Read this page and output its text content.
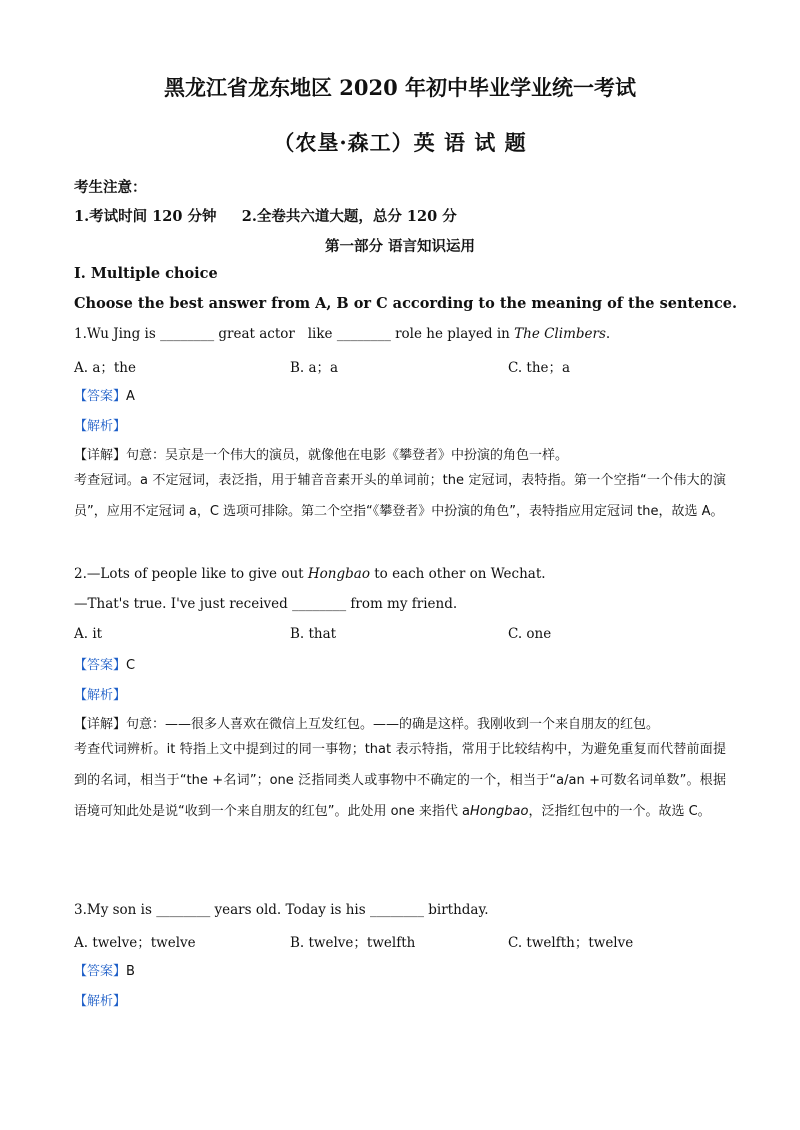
黑龙江省龙东地区 2020 年初中毕业学业统一考试
（农垦·森工）英 语 试 题
考生注意：
1.考试时间 120 分钟     2.全卷共六道大题，总分 120 分
第一部分 语言知识运用
I. Multiple choice
Choose the best answer from A, B or C according to the meaning of the sentence.
1.Wu Jing is ________ great actor   like ________ role he played in The Climbers.
A. a；the	B. a；a	C. the；a
【答案】A
【解析】
【详解】句意：吴京是一个伟大的演员，就像他在电影《攀登者》中扮演的角色一样。
考查冠词。a 不定冠词，表泛指，用于辅音音素开头的单词前；the 定冠词，表特指。第一个空指“一个伟大的演员”，应用不定冠词 a，C 选项可排除。第二个空指“《攀登者》中扮演的角色”，表特指应用定冠词 the，故选 A。
2.—Lots of people like to give out Hongbao to each other on Wechat.
—That's true. I've just received ________ from my friend.
A. it	B. that	C. one
【答案】C
【解析】
【详解】句意：——很多人喜欢在微信上互发红包。——的确是这样。我刚收到一个来自朋友的红包。
考查代词辨析。it 特指上文中提到过的同一事物；that 表示特指，常用于比较结构中，为避免重复而代替前面提到的名词，相当于“the +名词”；one 泛指同类人或事物中不确定的一个，相当于“a/an +可数名词单数”。根据语境可知此处是说“收到一个来自朋友的红包”。此处用 one 来指代 aHongbao，泛指红包中的一个。故选 C。
3.My son is ________ years old. Today is his ________ birthday.
A. twelve；twelve	B. twelve；twelfth	C. twelfth；twelve
【答案】B
【解析】
